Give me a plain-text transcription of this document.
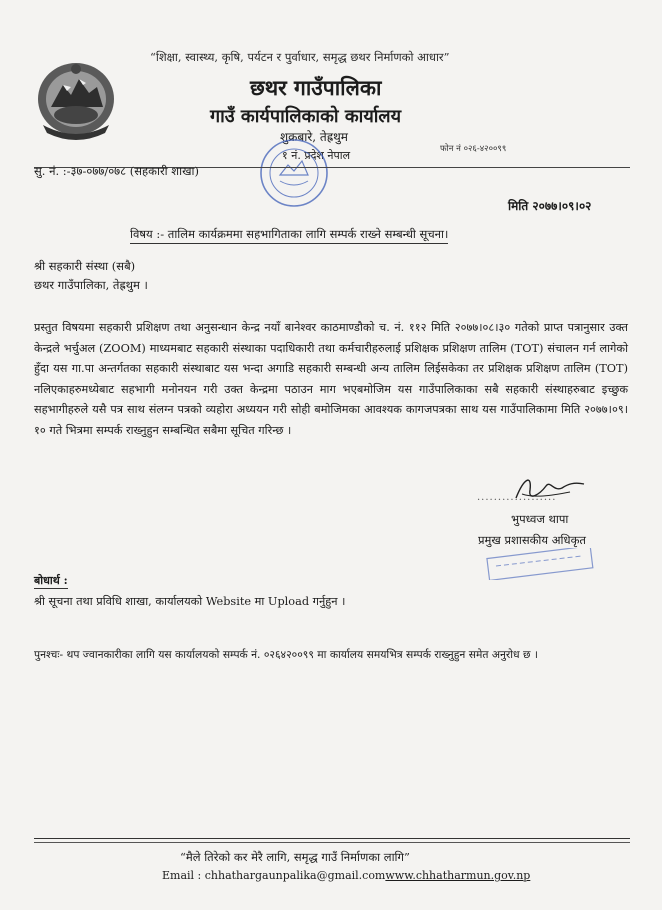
“शिक्षा, स्वास्थ्य, कृषि, पर्यटन र पुर्वाधार, समृद्ध छथर निर्माणको आधार”
छथर गाउँपालिका
गाउँ कार्यपालिकाको कार्यालय
शुक्रबारे, तेह्रथुम
१ नं. प्रदेश नेपाल	फोन नं ०२६-४२००९९
सु. नं. :-३७-०७७/०७८ (सहकारी शाखा)
मिति २०७७।०९।०२
विषय :- तालिम कार्यक्रममा सहभागिताका लागि सम्पर्क राख्ने सम्बन्धी सूचना।
श्री सहकारी संस्था (सबै)
छथर गाउँपालिका, तेह्रथुम ।
प्रस्तुत विषयमा सहकारी प्रशिक्षण तथा अनुसन्धान केन्द्र नयाँ बानेश्वर काठमाण्डौको च. नं. ११२ मिति २०७७।०८।३० गतेको प्राप्त पत्रानुसार उक्त केन्द्रले भर्चुअल (ZOOM) माध्यमबाट सहकारी संस्थाका पदाधिकारी तथा कर्मचारीहरुलाई प्रशिक्षक प्रशिक्षण तालिम (TOT) संचालन गर्न लागेको हुँदा यस गा.पा अन्तर्गतका सहकारी संस्थाबाट यस भन्दा अगाडि सहकारी सम्बन्धी अन्य तालिम लिईसकेका तर प्रशिक्षक प्रशिक्षण तालिम (TOT) नलिएकाहरुमध्येबाट सहभागी मनोनयन गरी उक्त केन्द्रमा पठाउन माग भएबमोजिम यस गाउँपालिकाका सबै सहकारी संस्थाहरुबाट इच्छुक सहभागीहरुले यसै पत्र साथ संलग्न पत्रको व्यहोरा अध्ययन गरी सोही बमोजिमका आवश्यक कागजपत्रका साथ यस गाउँपालिकामा मिति २०७७।०९।१० गते भित्रमा सम्पर्क राख्नुहुन सम्बन्धित सबैमा सूचित गरिन्छ ।
...................
भुपध्वज थापा
प्रमुख प्रशासकीय अधिकृत
बोधार्थ :
श्री सूचना तथा प्रविधि शाखा, कार्यालयको Website मा Upload गर्नुहुन ।
पुनश्चः- थप ज्वानकारीका लागि यस कार्यालयको सम्पर्क नं. ०२६४२००९९ मा कार्यालय समयभित्र सम्पर्क राख्नुहुन समेत अनुरोध छ ।
“मैले तिरेको कर मेरै लागि, समृद्ध गाउँ निर्माणका लागि”
Email : chhathargaunpalika@gmail.comwww.chhatharmun.gov.np
